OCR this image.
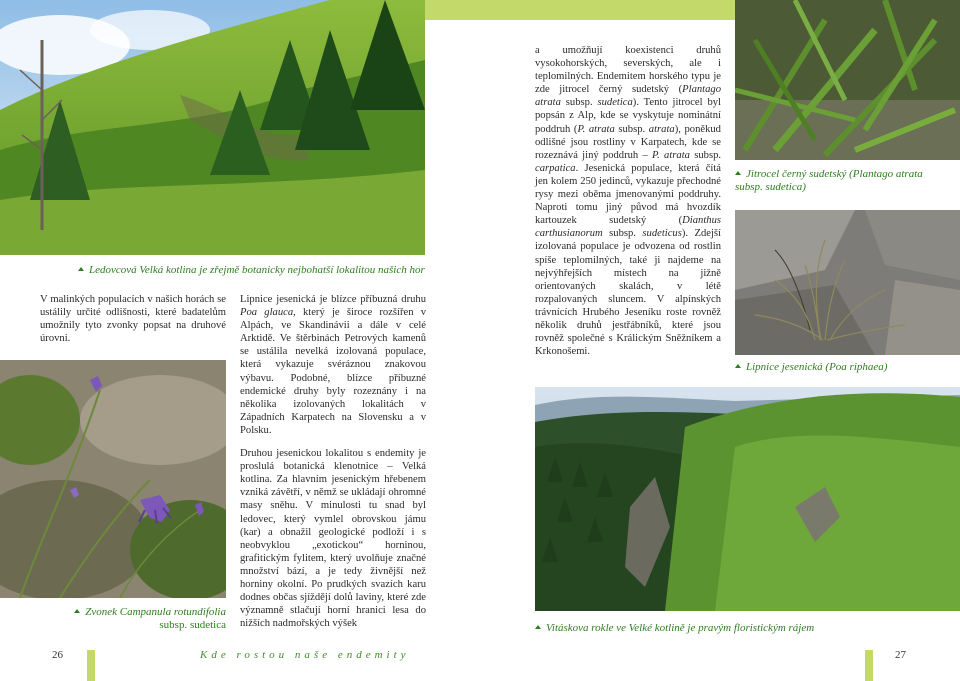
Ledovcová Velká kotlina je zřejmě botanicky nejbohatší lokalitou našich hor
Zvonek Campanula rotundifolia
subsp. sudetica
Jitrocel černý sudetský (Plantago atrata
subsp. sudetica)
Lipnice jesenická (Poa riphaea)
Vitáskova rokle ve Velké kotlině je pravým floristickým rájem

V malinkých populacích v našich horách se ustálily určité odlišnosti, které badatelům umožnily tyto zvonky popsat na druhové úrovni.

Lipnice jesenická je blízce příbuzná druhu Poa glauca, který je široce rozšířen v Alpách, ve Skandinávii a dále v celé Arktidě. Ve štěrbinách Petrových kamenů se ustálila nevelká izolovaná populace, která vykazuje svéráznou znakovou výbavu. Podobné, blízce příbuzné endemické druhy byly rozeznány i na několika izolovaných lokalitách v Západních Karpatech na Slovensku a v Polsku.

Druhou jesenickou lokalitou s endemity je proslulá botanická klenotnice – Velká kotlina. Za hlavním jesenickým hřebenem vzniká závětří, v němž se ukládají ohromné masy sněhu. V minulosti tu snad byl ledovec, který vymlel obrovskou jámu (kar) a obnažil geologické podloží i s neobvyklou „exotickou“ horninou, grafitickým fylitem, který uvolňuje značné množství bází, a je tedy živnější než horniny okolní. Po prudkých svazích karu dodnes občas sjíždějí dolů laviny, které zde významně stlačují horní hranici lesa do nižších nadmořských výšek

a umožňují koexistenci druhů vysokohorských, severských, ale i teplomilných. Endemitem horského typu je zde jitrocel černý sudetský (Plantago atrata subsp. sudetica). Tento jitrocel byl popsán z Alp, kde se vyskytuje nominátní poddruh (P. atrata subsp. atrata), poněkud odlišné jsou rostliny v Karpatech, kde se rozeznává jiný poddruh – P. atrata subsp. carpatica. Jesenická populace, která čítá jen kolem 250 jedinců, vykazuje přechodné rysy mezi oběma jmenovanými poddruhy. Naproti tomu jiný původ má hvozdík kartouzek sudetský (Dianthus carthusianorum subsp. sudeticus). Zdejší izolovaná populace je odvozena od rostlin spíše teplomilných, také ji najdeme na nejvýhřejších místech na jižně orientovaných skalách, v létě rozpalovaných sluncem. V alpínských trávnících Hrubého Jeseníku roste rovněž několik druhů jestřábníků, které jsou rovněž společné s Králickým Sněžníkem a Krkonošemi.

26	Kde rostou naše endemity	27
